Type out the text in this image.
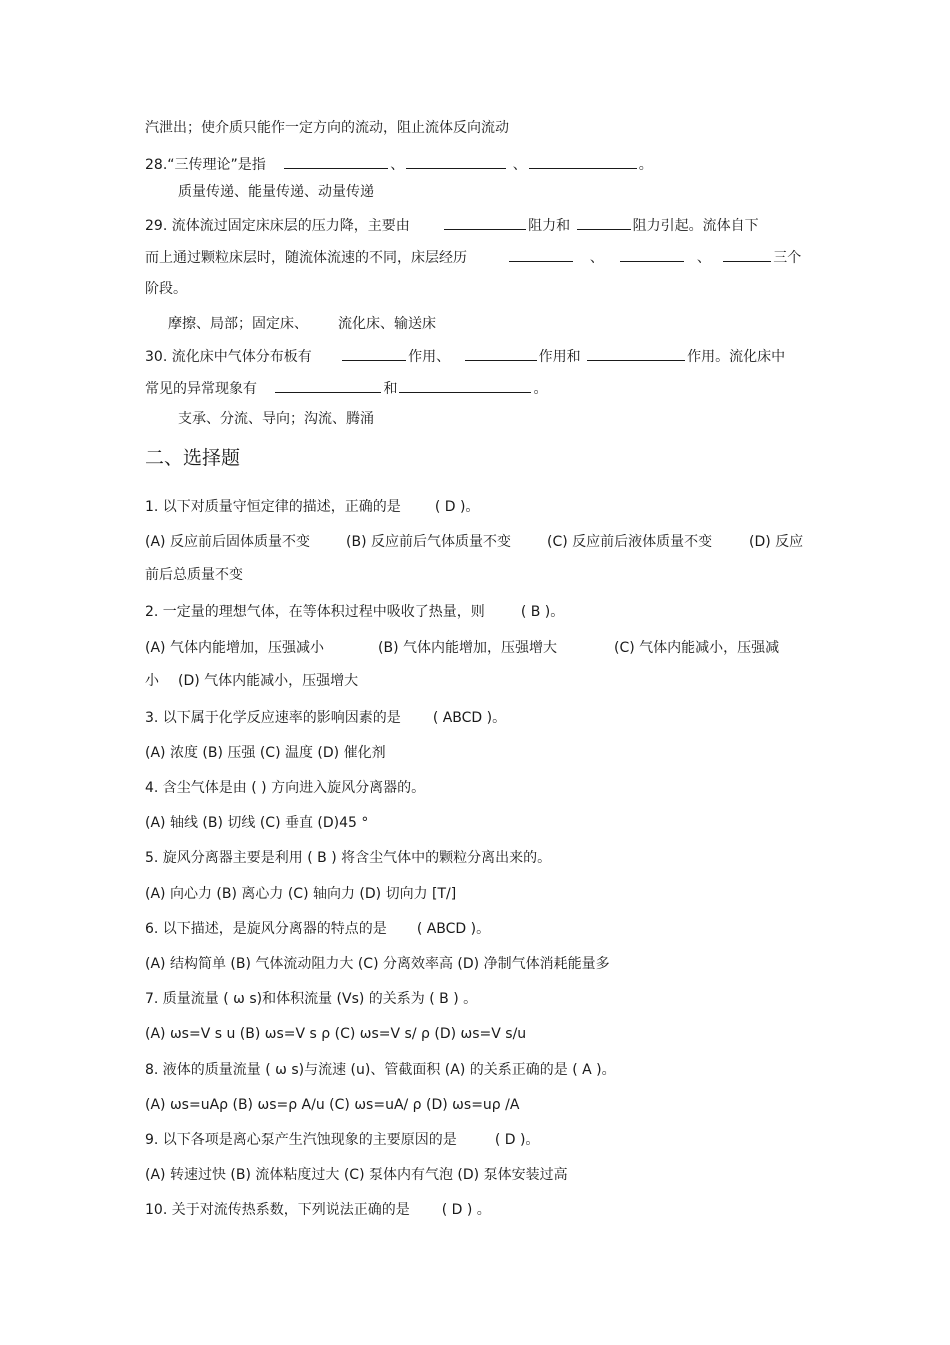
汽泄出；使介质只能作一定方向的流动，阻止流体反向流动
28.“三传理论”是指	、	、	。
质量传递、能量传递、动量传递
29. 流体流过固定床床层的压力降，主要由	阻力和	阻力引起。流体自下
而上通过颗粒床层时，随流体流速的不同，床层经历	、	、	三个
阶段。
摩擦、局部；固定床、 流化床、输送床
30. 流化床中气体分布板有	作用、	作用和	作用。流化床中
常见的异常现象有	和	。
支承、分流、导向；沟流、腾涌
二、选择题
1. 以下对质量守恒定律的描述，正确的是 ( D )。
(A) 反应前后固体质量不变	(B) 反应前后气体质量不变	(C) 反应前后液体质量不变	(D) 反应
前后总质量不变
2. 一定量的理想气体，在等体积过程中吸收了热量，则	( B )。
(A) 气体内能增加，压强减小	(B) 气体内能增加，压强增大	(C) 气体内能减小，压强减
小 (D) 气体内能减小，压强增大
3. 以下属于化学反应速率的影响因素的是 ( ABCD )。
(A) 浓度 (B) 压强 (C) 温度 (D) 催化剂
4. 含尘气体是由 ( ) 方向进入旋风分离器的。
(A) 轴线 (B) 切线 (C) 垂直 (D)45 °
5. 旋风分离器主要是利用 ( B ) 将含尘气体中的颗粒分离出来的。
(A) 向心力 (B) 离心力 (C) 轴向力 (D) 切向力 [T/]
6. 以下描述，是旋风分离器的特点的是 ( ABCD )。
(A) 结构简单 (B) 气体流动阻力大 (C) 分离效率高 (D) 净制气体消耗能量多
7. 质量流量 ( ω s)和体积流量 (Vs) 的关系为 ( B ) 。
(A) ωs=V s u (B) ωs=V s ρ (C) ωs=V s/ ρ (D) ωs=V s/u
8. 液体的质量流量 ( ω s)与流速 (u)、管截面积 (A) 的关系正确的是 ( A )。
(A) ωs=uAρ (B) ωs=ρ A/u (C) ωs=uA/ ρ (D) ωs=uρ /A
9. 以下各项是离心泵产生汽蚀现象的主要原因的是	( D )。
(A) 转速过快 (B) 流体粘度过大 (C) 泵体内有气泡 (D) 泵体安装过高
10. 关于对流传热系数，下列说法正确的是 ( D ) 。
